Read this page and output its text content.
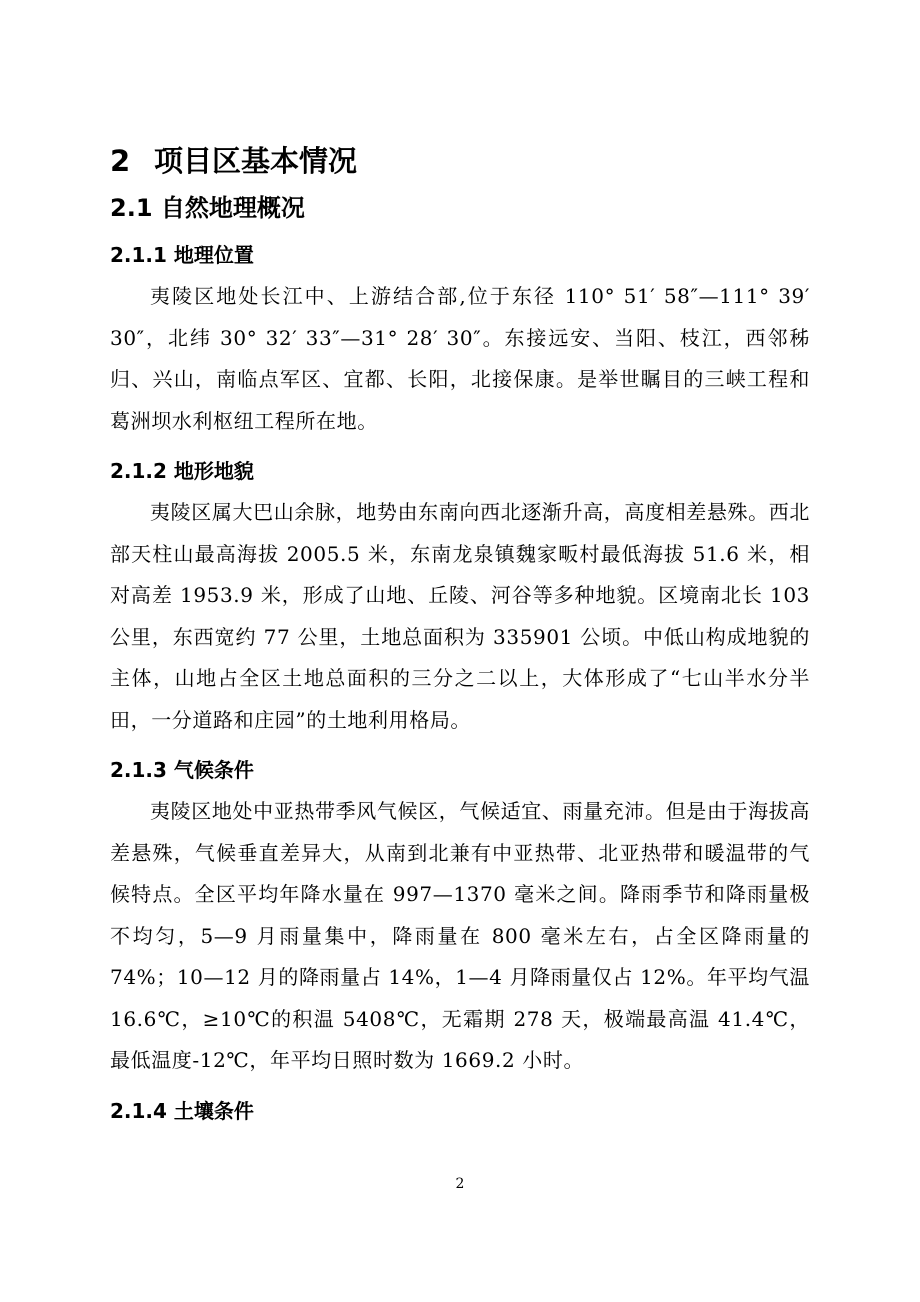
2 项目区基本情况
2.1 自然地理概况
2.1.1 地理位置

夷陵区地处长江中、上游结合部,位于东径 110° 51′ 58″—111° 39′ 30″，北纬 30° 32′ 33″—31° 28′ 30″。东接远安、当阳、枝江，西邻秭归、兴山，南临点军区、宜都、长阳，北接保康。是举世瞩目的三峡工程和葛洲坝水利枢纽工程所在地。

2.1.2 地形地貌

夷陵区属大巴山余脉，地势由东南向西北逐渐升高，高度相差悬殊。西北部天柱山最高海拔 2005.5 米，东南龙泉镇魏家畈村最低海拔 51.6 米，相对高差 1953.9 米，形成了山地、丘陵、河谷等多种地貌。区境南北长 103 公里，东西宽约 77 公里，土地总面积为 335901 公顷。中低山构成地貌的主体，山地占全区土地总面积的三分之二以上，大体形成了“七山半水分半田，一分道路和庄园”的土地利用格局。

2.1.3 气候条件

夷陵区地处中亚热带季风气候区，气候适宜、雨量充沛。但是由于海拔高差悬殊，气候垂直差异大，从南到北兼有中亚热带、北亚热带和暖温带的气候特点。全区平均年降水量在 997—1370 毫米之间。降雨季节和降雨量极不均匀，5—9 月雨量集中，降雨量在 800 毫米左右，占全区降雨量的 74%；10—12 月的降雨量占 14%，1—4 月降雨量仅占 12%。年平均气温 16.6℃，≥10℃的积温 5408℃，无霜期 278 天，极端最高温 41.4℃，最低温度-12℃，年平均日照时数为 1669.2 小时。

2.1.4 土壤条件
2
